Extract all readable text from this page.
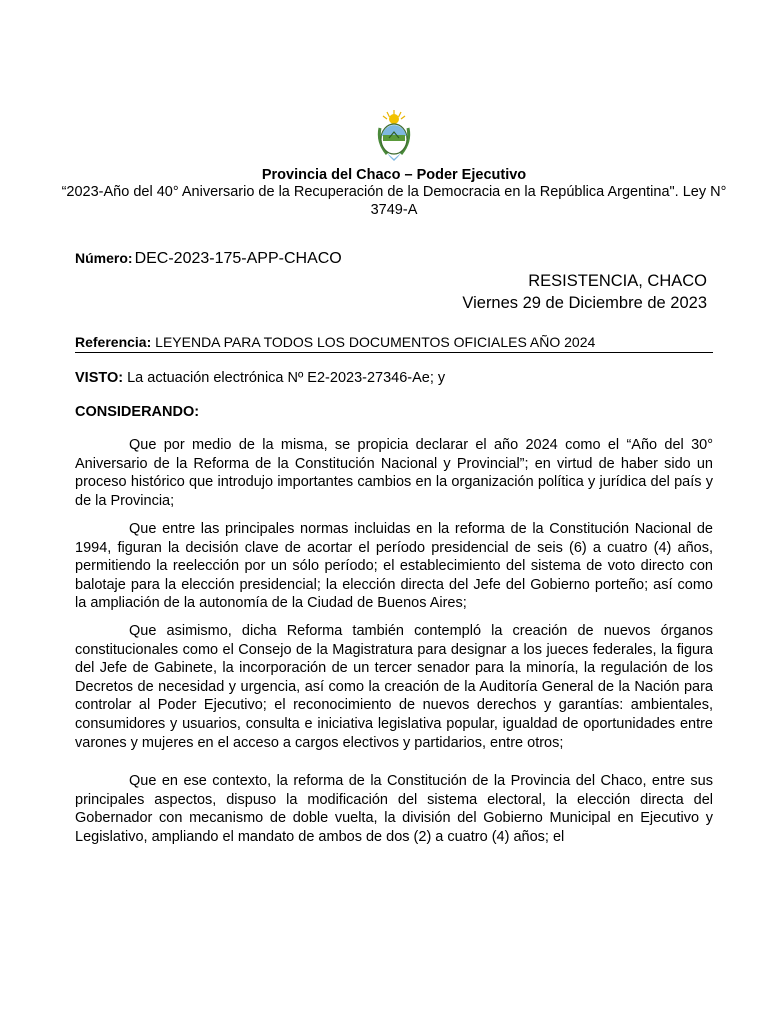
Provincia del Chaco – Poder Ejecutivo
“2023-Año del 40° Aniversario de la Recuperación de la Democracia en la República Argentina". Ley N° 3749-A
Número: DEC-2023-175-APP-CHACO
RESISTENCIA, CHACO
Viernes 29 de Diciembre de 2023
Referencia: LEYENDA PARA TODOS LOS DOCUMENTOS OFICIALES AÑO 2024
VISTO: La actuación electrónica Nº E2-2023-27346-Ae; y
CONSIDERANDO:

Que por medio de la misma, se propicia declarar el año 2024 como el “Año del 30° Aniversario de la Reforma de la Constitución Nacional y Provincial”; en virtud de haber sido un proceso histórico que introdujo importantes cambios en la organización política y jurídica del país y de la Provincia;

Que entre las principales normas incluidas en la reforma de la Constitución Nacional de 1994, figuran la decisión clave de acortar el período presidencial de seis (6) a cuatro (4) años, permitiendo la reelección por un sólo período; el establecimiento del sistema de voto directo con balotaje para la elección presidencial; la elección directa del Jefe del Gobierno porteño; así como la ampliación de la autonomía de la Ciudad de Buenos Aires;

Que asimismo, dicha Reforma también contempló la creación de nuevos órganos constitucionales como el Consejo de la Magistratura para designar a los jueces federales, la figura del Jefe de Gabinete, la incorporación de un tercer senador para la minoría, la regulación de los Decretos de necesidad y urgencia, así como la creación de la Auditoría General de la Nación para controlar al Poder Ejecutivo; el reconocimiento de nuevos derechos y garantías: ambientales, consumidores y usuarios, consulta e iniciativa legislativa popular, igualdad de oportunidades entre varones y mujeres en el acceso a cargos electivos y partidarios, entre otros;

Que en ese contexto, la reforma de la Constitución de la Provincia del Chaco, entre sus principales aspectos, dispuso la modificación del sistema electoral, la elección directa del Gobernador con mecanismo de doble vuelta, la división del Gobierno Municipal en Ejecutivo y Legislativo, ampliando el mandato de ambos de dos (2) a cuatro (4) años; el
